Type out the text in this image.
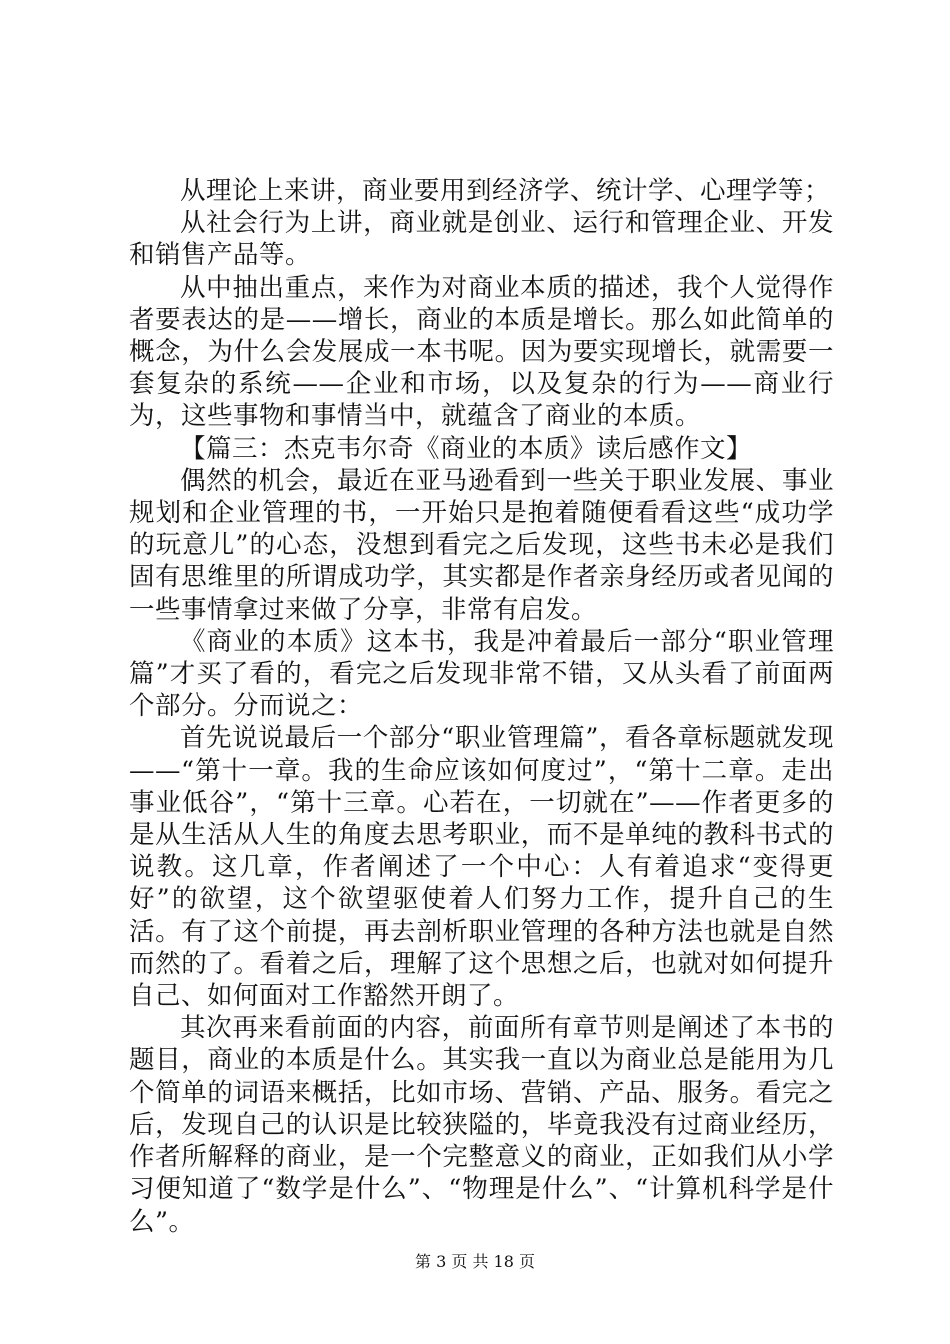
从理论上来讲，商业要用到经济学、统计学、心理学等；

从社会行为上讲，商业就是创业、运行和管理企业、开发和销售产品等。

从中抽出重点，来作为对商业本质的描述，我个人觉得作者要表达的是——增长，商业的本质是增长。那么如此简单的概念，为什么会发展成一本书呢。因为要实现增长，就需要一套复杂的系统——企业和市场，以及复杂的行为——商业行为，这些事物和事情当中，就蕴含了商业的本质。

【篇三：杰克韦尔奇《商业的本质》读后感作文】

偶然的机会，最近在亚马逊看到一些关于职业发展、事业规划和企业管理的书，一开始只是抱着随便看看这些“成功学的玩意儿”的心态，没想到看完之后发现，这些书未必是我们固有思维里的所谓成功学，其实都是作者亲身经历或者见闻的一些事情拿过来做了分享，非常有启发。

《商业的本质》这本书，我是冲着最后一部分“职业管理篇”才买了看的，看完之后发现非常不错，又从头看了前面两个部分。分而说之：

首先说说最后一个部分“职业管理篇”，看各章标题就发现——“第十一章。我的生命应该如何度过”，“第十二章。走出事业低谷”，“第十三章。心若在，一切就在”——作者更多的是从生活从人生的角度去思考职业，而不是单纯的教科书式的说教。这几章，作者阐述了一个中心：人有着追求“变得更好”的欲望，这个欲望驱使着人们努力工作，提升自己的生活。有了这个前提，再去剖析职业管理的各种方法也就是自然而然的了。看着之后，理解了这个思想之后，也就对如何提升自己、如何面对工作豁然开朗了。

其次再来看前面的内容，前面所有章节则是阐述了本书的题目，商业的本质是什么。其实我一直以为商业总是能用为几个简单的词语来概括，比如市场、营销、产品、服务。看完之后，发现自己的认识是比较狭隘的，毕竟我没有过商业经历，作者所解释的商业，是一个完整意义的商业，正如我们从小学习便知道了“数学是什么”、“物理是什么”、“计算机科学是什么”。

第 3 页 共 18 页
